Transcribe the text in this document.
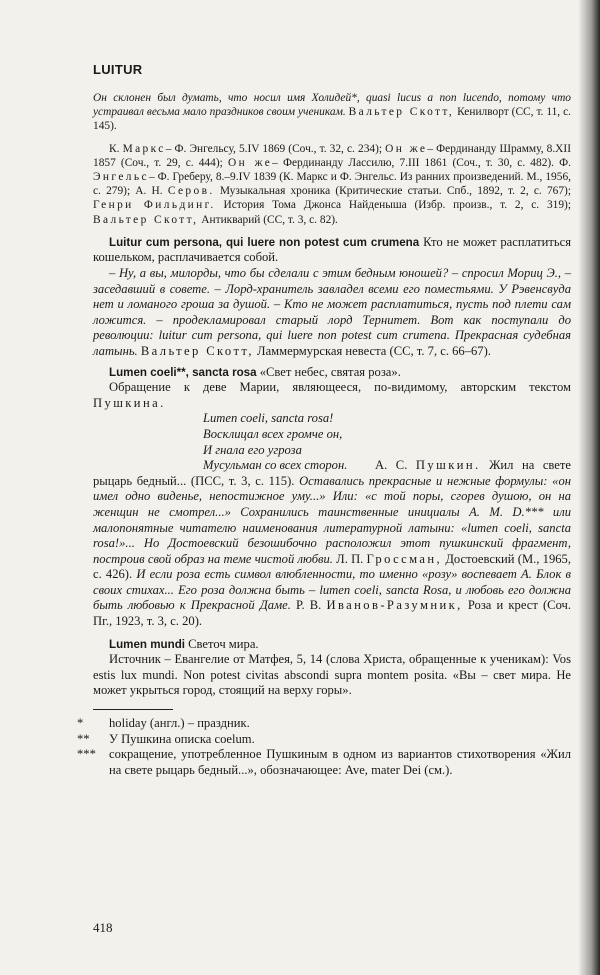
LUITUR

Он склонен был думать, что носил имя Холидей*, quasi lucus a non lucendo, потому что устраивал весьма мало праздников своим ученикам. Вальтер Скотт, Кенилворт (СС, т. 11, с. 145).

К. Маркс– Ф. Энгельсу, 5.IV 1869 (Соч., т. 32, с. 234); Он же– Фердинанду Шрамму, 8.XII 1857 (Соч., т. 29, с. 444); Он же– Фердинанду Лассилю, 7.III 1861 (Соч., т. 30, с. 482). Ф. Энгельс– Ф. Греберу, 8.–9.IV 1839 (К. Маркс и Ф. Энгельс. Из ранних произведений. М., 1956, с. 279); А. Н. Серов. Музыкальная хроника (Критические статьи. Спб., 1892, т. 2, с. 767); Генри Фильдинг. История Тома Джонса Найденыша (Избр. произв., т. 2, с. 319); Вальтер Скотт, Антикварий (СС, т. 3, с. 82).

Luitur cum persona, qui luere non potest cum crumena Кто не может расплатиться кошельком, расплачивается собой.

– Ну, а вы, милорды, что бы сделали с этим бедным юношей? – спросил Мориц Э., – заседавший в совете. – Лорд-хранитель завладел всеми его поместьями. У Рэвенсвуда нет и ломаного гроша за душой. – Кто не может расплатиться, пусть под плети сам ложится. – продекламировал старый лорд Тернитет. Вот как поступали до революции: luitur cum persona, qui luere non potest cum crumena. Прекрасная судебная латынь. Вальтер Скотт, Ламмермурская невеста (СС, т. 7, с. 66–67).

Lumen coeli**, sancta rosa «Свет небес, святая роза».

Обращение к деве Марии, являющееся, по-видимому, авторским текстом Пушкина.

Lumen coeli, sancta rosa!
Восклицал всех громче он,
И гнала его угроза
Мусульман со всех сторон.	А. С. Пушкин. Жил на свете рыцарь бедный... (ПСС, т. 3, с. 115). Оставались прекрасные и нежные формулы: «он имел одно виденье, непостижное уму...» Или: «с той поры, сгорев душою, он на женщин не смотрел...» Сохранились таинственные инициалы A. M. D.*** или малопонятные читателю наименования литературной латыни: «lumen coeli, sancta rosa!»... Но Достоевский безошибочно расположил этот пушкинский фрагмент, построив свой образ на теме чистой любви. Л. П. Гроссман, Достоевский (М., 1965, с. 426). И если роза есть символ влюбленности, то именно «розу» воспевает А. Блок в своих стихах... Его роза должна быть – lumen coeli, sancta Rosa, и любовь его должна быть любовью к Прекрасной Даме. Р. В. Иванов-Разумник, Роза и крест (Соч. Пг., 1923, т. 3, с. 20).

Lumen mundi Светоч мира.

Источник – Евангелие от Матфея, 5, 14 (слова Христа, обращенные к ученикам): Vos estis lux mundi. Non potest civitas abscondi supra montem posita. «Вы – свет мира. Не может укрыться город, стоящий на верху горы».

* holiday (англ.) – праздник.

** У Пушкина описка coelum.

*** сокращение, употребленное Пушкиным в одном из вариантов стихотворения «Жил на свете рыцарь бедный...», обозначающее: Ave, mater Dei (см.).

418
